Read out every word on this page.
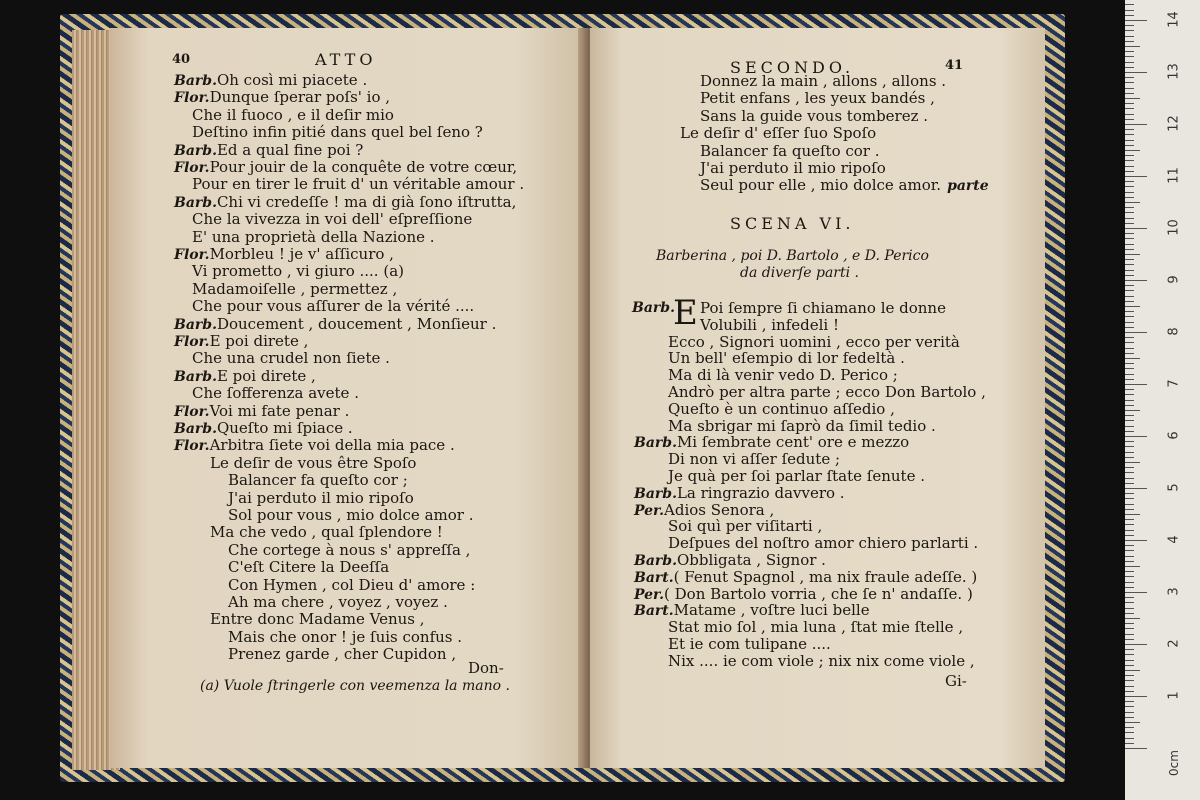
40	ATTO
Barb.Oh così mi piacete .
Flor.Dunque ſperar poſs' io ,
Che il fuoco , e il deſir mio
Deſtino infin pitié dans quel bel ſeno ?
Barb.Ed a qual fine poi ?
Flor.Pour jouir de la conquête de votre cœur,
Pour en tirer le fruit d' un véritable amour .
Barb.Chi vi credeſſe ! ma di già ſono iſtrutta,
Che la vivezza in voi dell' eſpreſſione
E' una proprietà della Nazione .
Flor.Morbleu ! je v' aſſicuro ,
Vi prometto , vi giuro .... (a)
Madamoiſelle , permettez ,
Che pour vous aſſurer de la vérité ....
Barb.Doucement , doucement , Monſieur .
Flor.E poi direte ,
Che una crudel non ſiete .
Barb.E poi direte ,
Che ſofferenza avete .
Flor.Voi mi fate penar .
Barb.Queſto mi ſpiace .
Flor.Arbitra ſiete voi della mia pace .
Le deſir de vous être Spoſo
Balancer fa queſto cor ;
J'ai perduto il mio ripoſo
Sol pour vous , mio dolce amor .
Ma che vedo , qual ſplendore !
Che cortege à nous s' appreſſa ,
C'eſt Citere la Deeſſa
Con Hymen , col Dieu d' amore :
Ah ma chere , voyez , voyez .
Entre donc Madame Venus ,
Mais che onor ! je ſuis confus .
Prenez garde , cher Cupidon ,
Don-
(a) Vuole ſtringerle con veemenza la mano .
SECONDO.	41
Donnez la main , allons , allons .
Petit enfans , les yeux bandés ,
Sans la guide vous tomberez .
Le deſir d' eſſer ſuo Spoſo
Balancer fa queſto cor .
J'ai perduto il mio ripoſo
Seul pour elle , mio dolce amor. parte
SCENA VI.
Barberina , poi D. Bartolo , e D. Perico
da diverſe parti .
E
Barb. Poi ſempre ſi chiamano le donne
Volubili , infedeli !
Ecco , Signori uomini , ecco per verità
Un bell' eſempio di lor fedeltà .
Ma di là venir vedo D. Perico ;
Andrò per altra parte ; ecco Don Bartolo ,
Queſto è un continuo aſſedio ,
Ma sbrigar mi ſaprò da ſimil tedio .
Barb.Mi ſembrate cent' ore e mezzo
Di non vi aſſer ſedute ;
Je quà per ſoi parlar ſtate ſenute .
Barb.La ringrazio davvero .
Per.Adios Senora ,
Soi quì per viſitarti ,
Deſpues del noſtro amor chiero parlarti .
Barb.Obbligata , Signor .
Bart.( Fenut Spagnol , ma nix fraule adeſſe. )
Per.( Don Bartolo vorria , che ſe n' andaſſe. )
Bart.Matame , voſtre luci belle
Stat mio ſol , mia luna , ſtat mie ſtelle ,
Et ie com tulipane ....
Nix .... ie com viole ; nix nix come viole ,
Gi-
0cm
1
2
3
4
5
6
7
8
9
10
11
12
13
14
